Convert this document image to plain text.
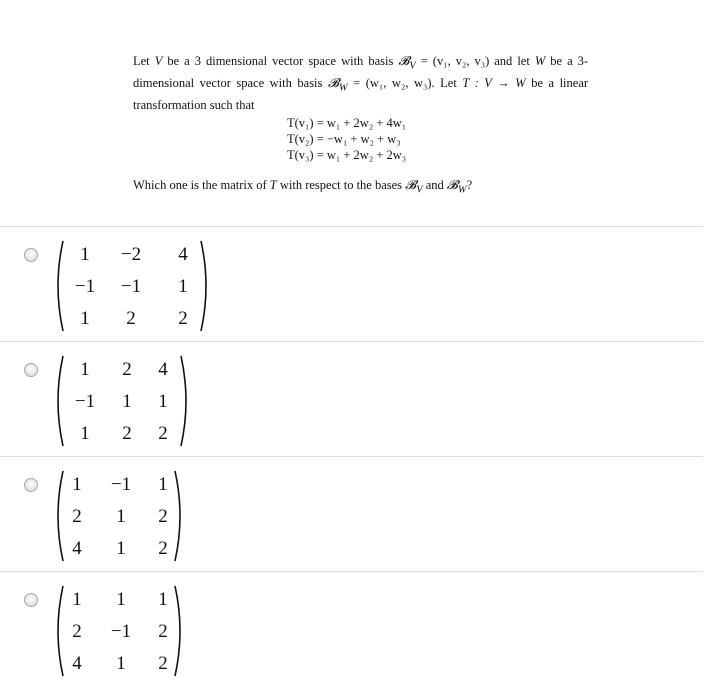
Let V be a 3 dimensional vector space with basis 𝓑$_V$ = (v₁, v₂, v₃) and let W be a 3-dimensional vector space with basis 𝓑$_W$ = (w₁, w₂, w₃). Let T : V → W be a linear transformation such that

T(v₁) = w₁ + 2w₂ + 4w₁
T(v₂) = −w₁ + w₂ + w₃
T(v₃) = w₁ + 2w₂ + 2w₃
Which one is the matrix of T with respect to the bases 𝓑$_V$ and 𝓑$_W$?
1
−1
1
−2
−1
2
4
1
2
1
−1
1
2
1
2
4
1
2
1
2
4
−1
1
1
1
2
2
1
2
4
1
−1
1
1
2
2
